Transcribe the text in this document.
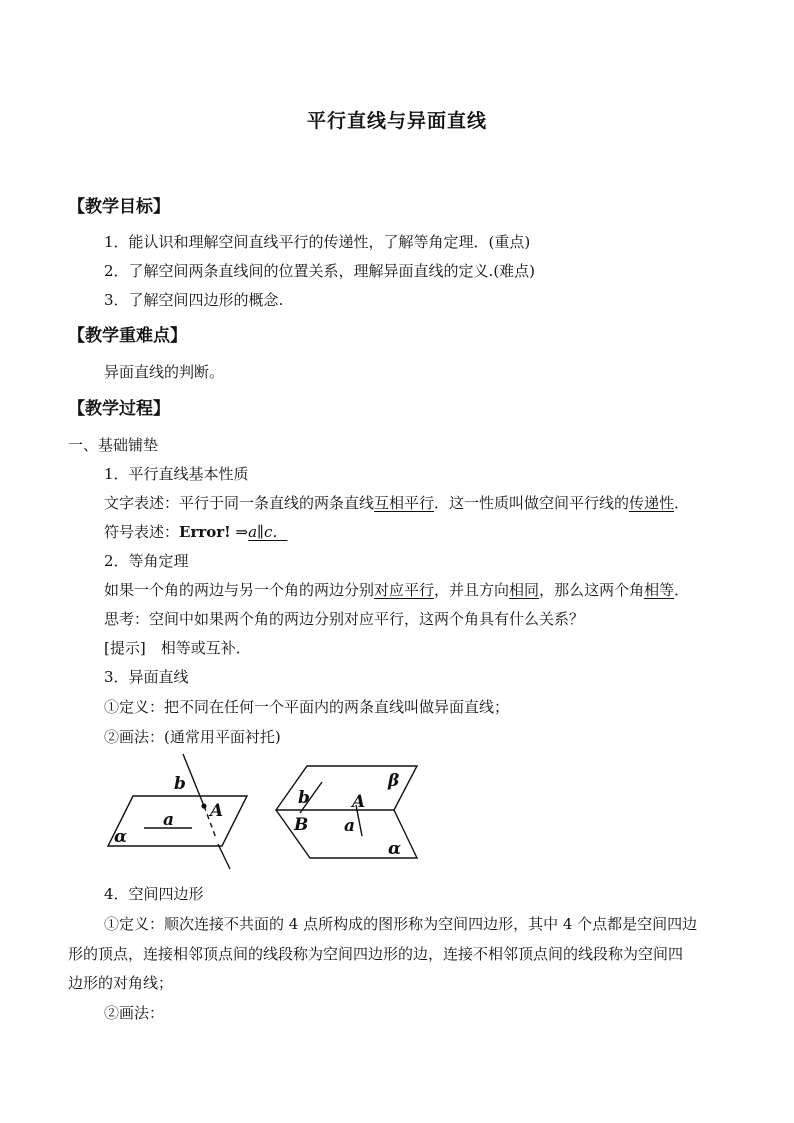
平行直线与异面直线
【教学目标】
1．能认识和理解空间直线平行的传递性，了解等角定理．(重点)
2．了解空间两条直线间的位置关系，理解异面直线的定义.(难点)
3．了解空间四边形的概念.
【教学重难点】
异面直线的判断。
【教学过程】
一、基础铺垫
1．平行直线基本性质
文字表述：平行于同一条直线的两条直线互相平行．这一性质叫做空间平行线的传递性．
符号表述：Error! ⇒a∥c．
2．等角定理
如果一个角的两边与另一个角的两边分别对应平行，并且方向相同，那么这两个角相等．
思考：空间中如果两个角的两边分别对应平行，这两个角具有什么关系？
[提示]　相等或互补．
3．异面直线
①定义：把不同在任何一个平面内的两条直线叫做异面直线；
②画法：(通常用平面衬托)
b
A
a
α
b A
B a
β
α
4．空间四边形
①定义：顺次连接不共面的 4 点所构成的图形称为空间四边形，其中 4 个点都是空间四边
形的顶点，连接相邻顶点间的线段称为空间四边形的边，连接不相邻顶点间的线段称为空间四
边形的对角线；
②画法：
